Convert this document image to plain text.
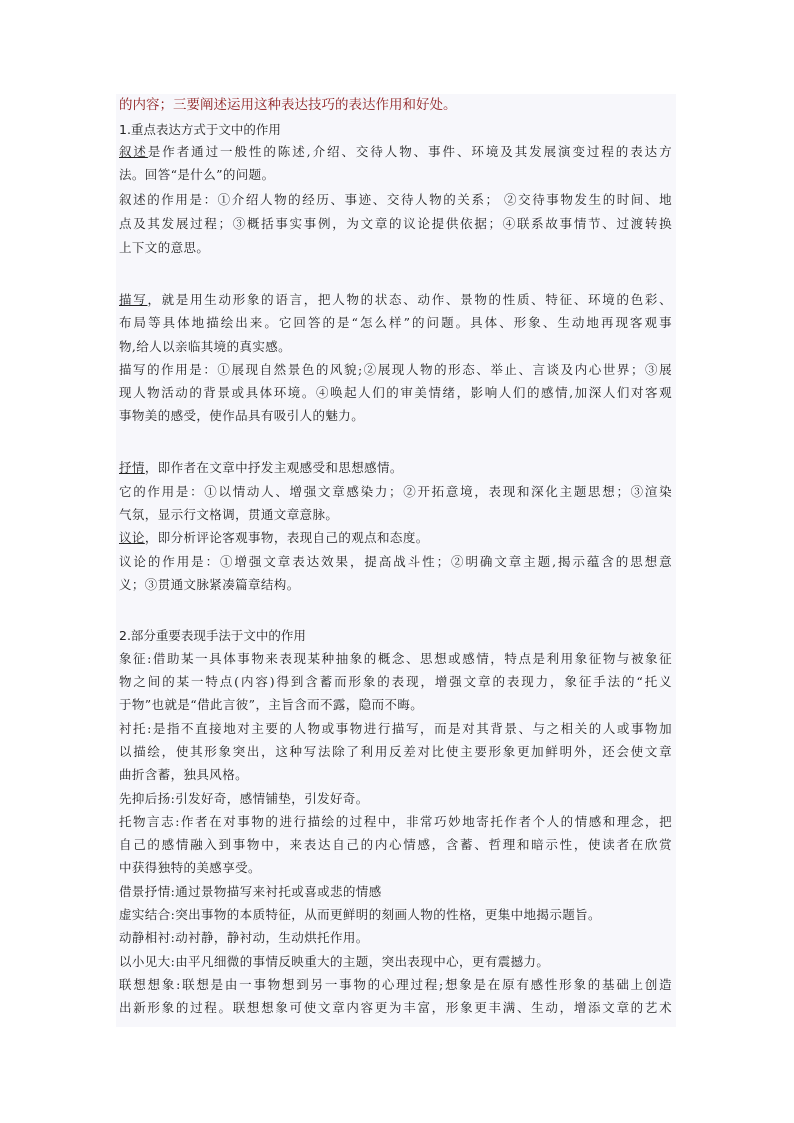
的内容；三要阐述运用这种表达技巧的表达作用和好处。
1.重点表达方式于文中的作用
叙述是作者通过一般性的陈述,介绍、交待人物、事件、环境及其发展演变过程的表达方
法。回答“是什么”的问题。
叙述的作用是：①介绍人物的经历、事迹、交待人物的关系； ②交待事物发生的时间、地
点及其发展过程；③概括事实事例，为文章的议论提供依据；④联系故事情节、过渡转换
上下文的意思。
描写，就是用生动形象的语言，把人物的状态、动作、景物的性质、特征、环境的色彩、
布局等具体地描绘出来。它回答的是“怎么样”的问题。具体、形象、生动地再现客观事
物,给人以亲临其境的真实感。
描写的作用是：①展现自然景色的风貌;②展现人物的形态、举止、言谈及内心世界；③展
现人物活动的背景或具体环境。④唤起人们的审美情绪，影响人们的感情,加深人们对客观
事物美的感受，使作品具有吸引人的魅力。
抒情，即作者在文章中抒发主观感受和思想感情。
它的作用是：①以情动人、增强文章感染力；②开拓意境，表现和深化主题思想；③渲染
气氛，显示行文格调，贯通文章意脉。
议论，即分析评论客观事物，表现自己的观点和态度。
议论的作用是：①增强文章表达效果，提高战斗性；②明确文章主题,揭示蕴含的思想意
义；③贯通文脉紧凑篇章结构。
2.部分重要表现手法于文中的作用
象征:借助某一具体事物来表现某种抽象的概念、思想或感情，特点是利用象征物与被象征
物之间的某一特点(内容)得到含蓄而形象的表现，增强文章的表现力，象征手法的“托义
于物”也就是“借此言彼”，主旨含而不露，隐而不晦。
衬托:是指不直接地对主要的人物或事物进行描写，而是对其背景、与之相关的人或事物加
以描绘，使其形象突出，这种写法除了利用反差对比使主要形象更加鲜明外，还会使文章
曲折含蓄，独具风格。
先抑后扬:引发好奇，感情铺垫，引发好奇。
托物言志:作者在对事物的进行描绘的过程中，非常巧妙地寄托作者个人的情感和理念，把
自己的感情融入到事物中，来表达自己的内心情感，含蓄、哲理和暗示性，使读者在欣赏
中获得独特的美感享受。
借景抒情:通过景物描写来衬托或喜或悲的情感
虚实结合:突出事物的本质特征，从而更鲜明的刻画人物的性格，更集中地揭示题旨。
动静相衬:动衬静，静衬动，生动烘托作用。
以小见大:由平凡细微的事情反映重大的主题，突出表现中心，更有震撼力。
联想想象:联想是由一事物想到另一事物的心理过程;想象是在原有感性形象的基础上创造
出新形象的过程。联想想象可使文章内容更为丰富，形象更丰满、生动，增添文章的艺术
